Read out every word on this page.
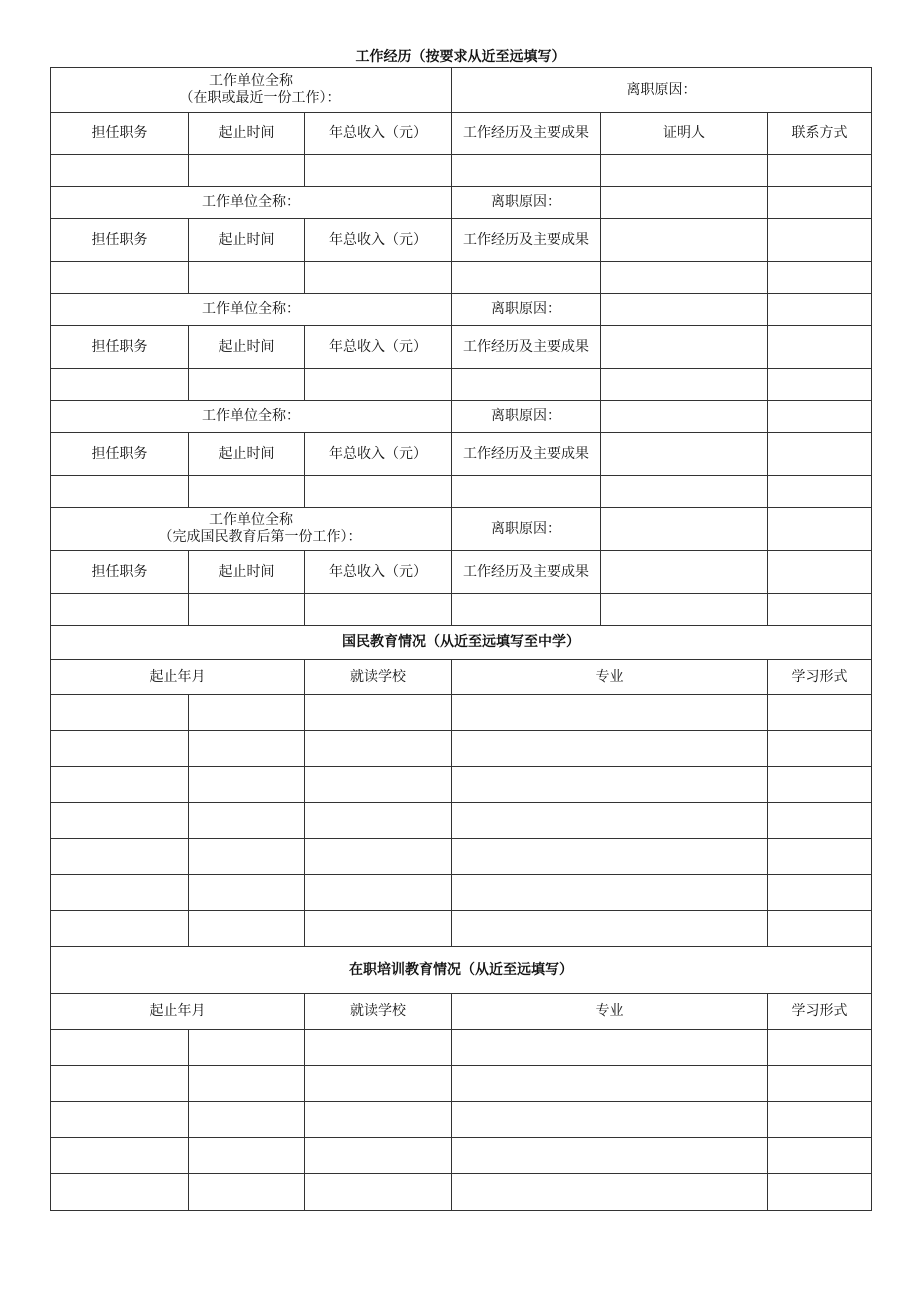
工作经历（按要求从近至远填写）
工作单位全称
（在职或最近一份工作）：			离职原因：		
担任职务	起止时间	年总收入（元）	工作经历及主要成果	证明人	联系方式

工作单位全称：			离职原因：		
担任职务	起止时间	年总收入（元）	工作经历及主要成果		

工作单位全称：			离职原因：		
担任职务	起止时间	年总收入（元）	工作经历及主要成果		

工作单位全称：			离职原因：		
担任职务	起止时间	年总收入（元）	工作经历及主要成果		

工作单位全称
（完成国民教育后第一份工作）：			离职原因：		
担任职务	起止时间	年总收入（元）	工作经历及主要成果		

国民教育情况（从近至远填写至中学）					
起止年月		就读学校	专业		学习形式

在职培训教育情况（从近至远填写）					
起止年月		就读学校	专业		学习形式
